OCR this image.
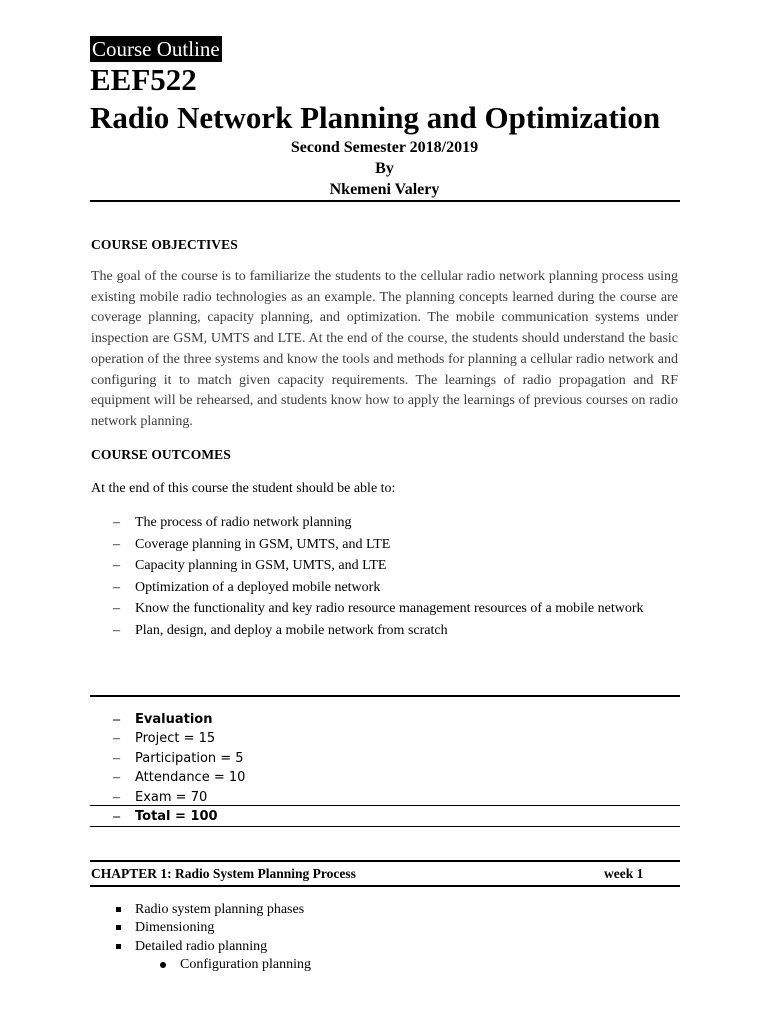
Course Outline
EEF522
Radio Network Planning and Optimization
Second Semester 2018/2019
By
Nkemeni Valery
COURSE OBJECTIVES
The goal of the course is to familiarize the students to the cellular radio network planning process using existing mobile radio technologies as an example. The planning concepts learned during the course are coverage planning, capacity planning, and optimization. The mobile communication systems under inspection are GSM, UMTS and LTE. At the end of the course, the students should understand the basic operation of the three systems and know the tools and methods for planning a cellular radio network and configuring it to match given capacity requirements. The learnings of radio propagation and RF equipment will be rehearsed, and students know how to apply the learnings of previous courses on radio network planning.
COURSE OUTCOMES
At the end of this course the student should be able to:
– The process of radio network planning
– Coverage planning in GSM, UMTS, and LTE
– Capacity planning in GSM, UMTS, and LTE
– Optimization of a deployed mobile network
– Know the functionality and key radio resource management resources of a mobile network
– Plan, design, and deploy a mobile network from scratch
– Evaluation
– Project = 15
– Participation = 5
– Attendance = 10
– Exam = 70
– Total = 100
CHAPTER 1: Radio System Planning Process	week 1
Radio system planning phases
Dimensioning
Detailed radio planning
Configuration planning
